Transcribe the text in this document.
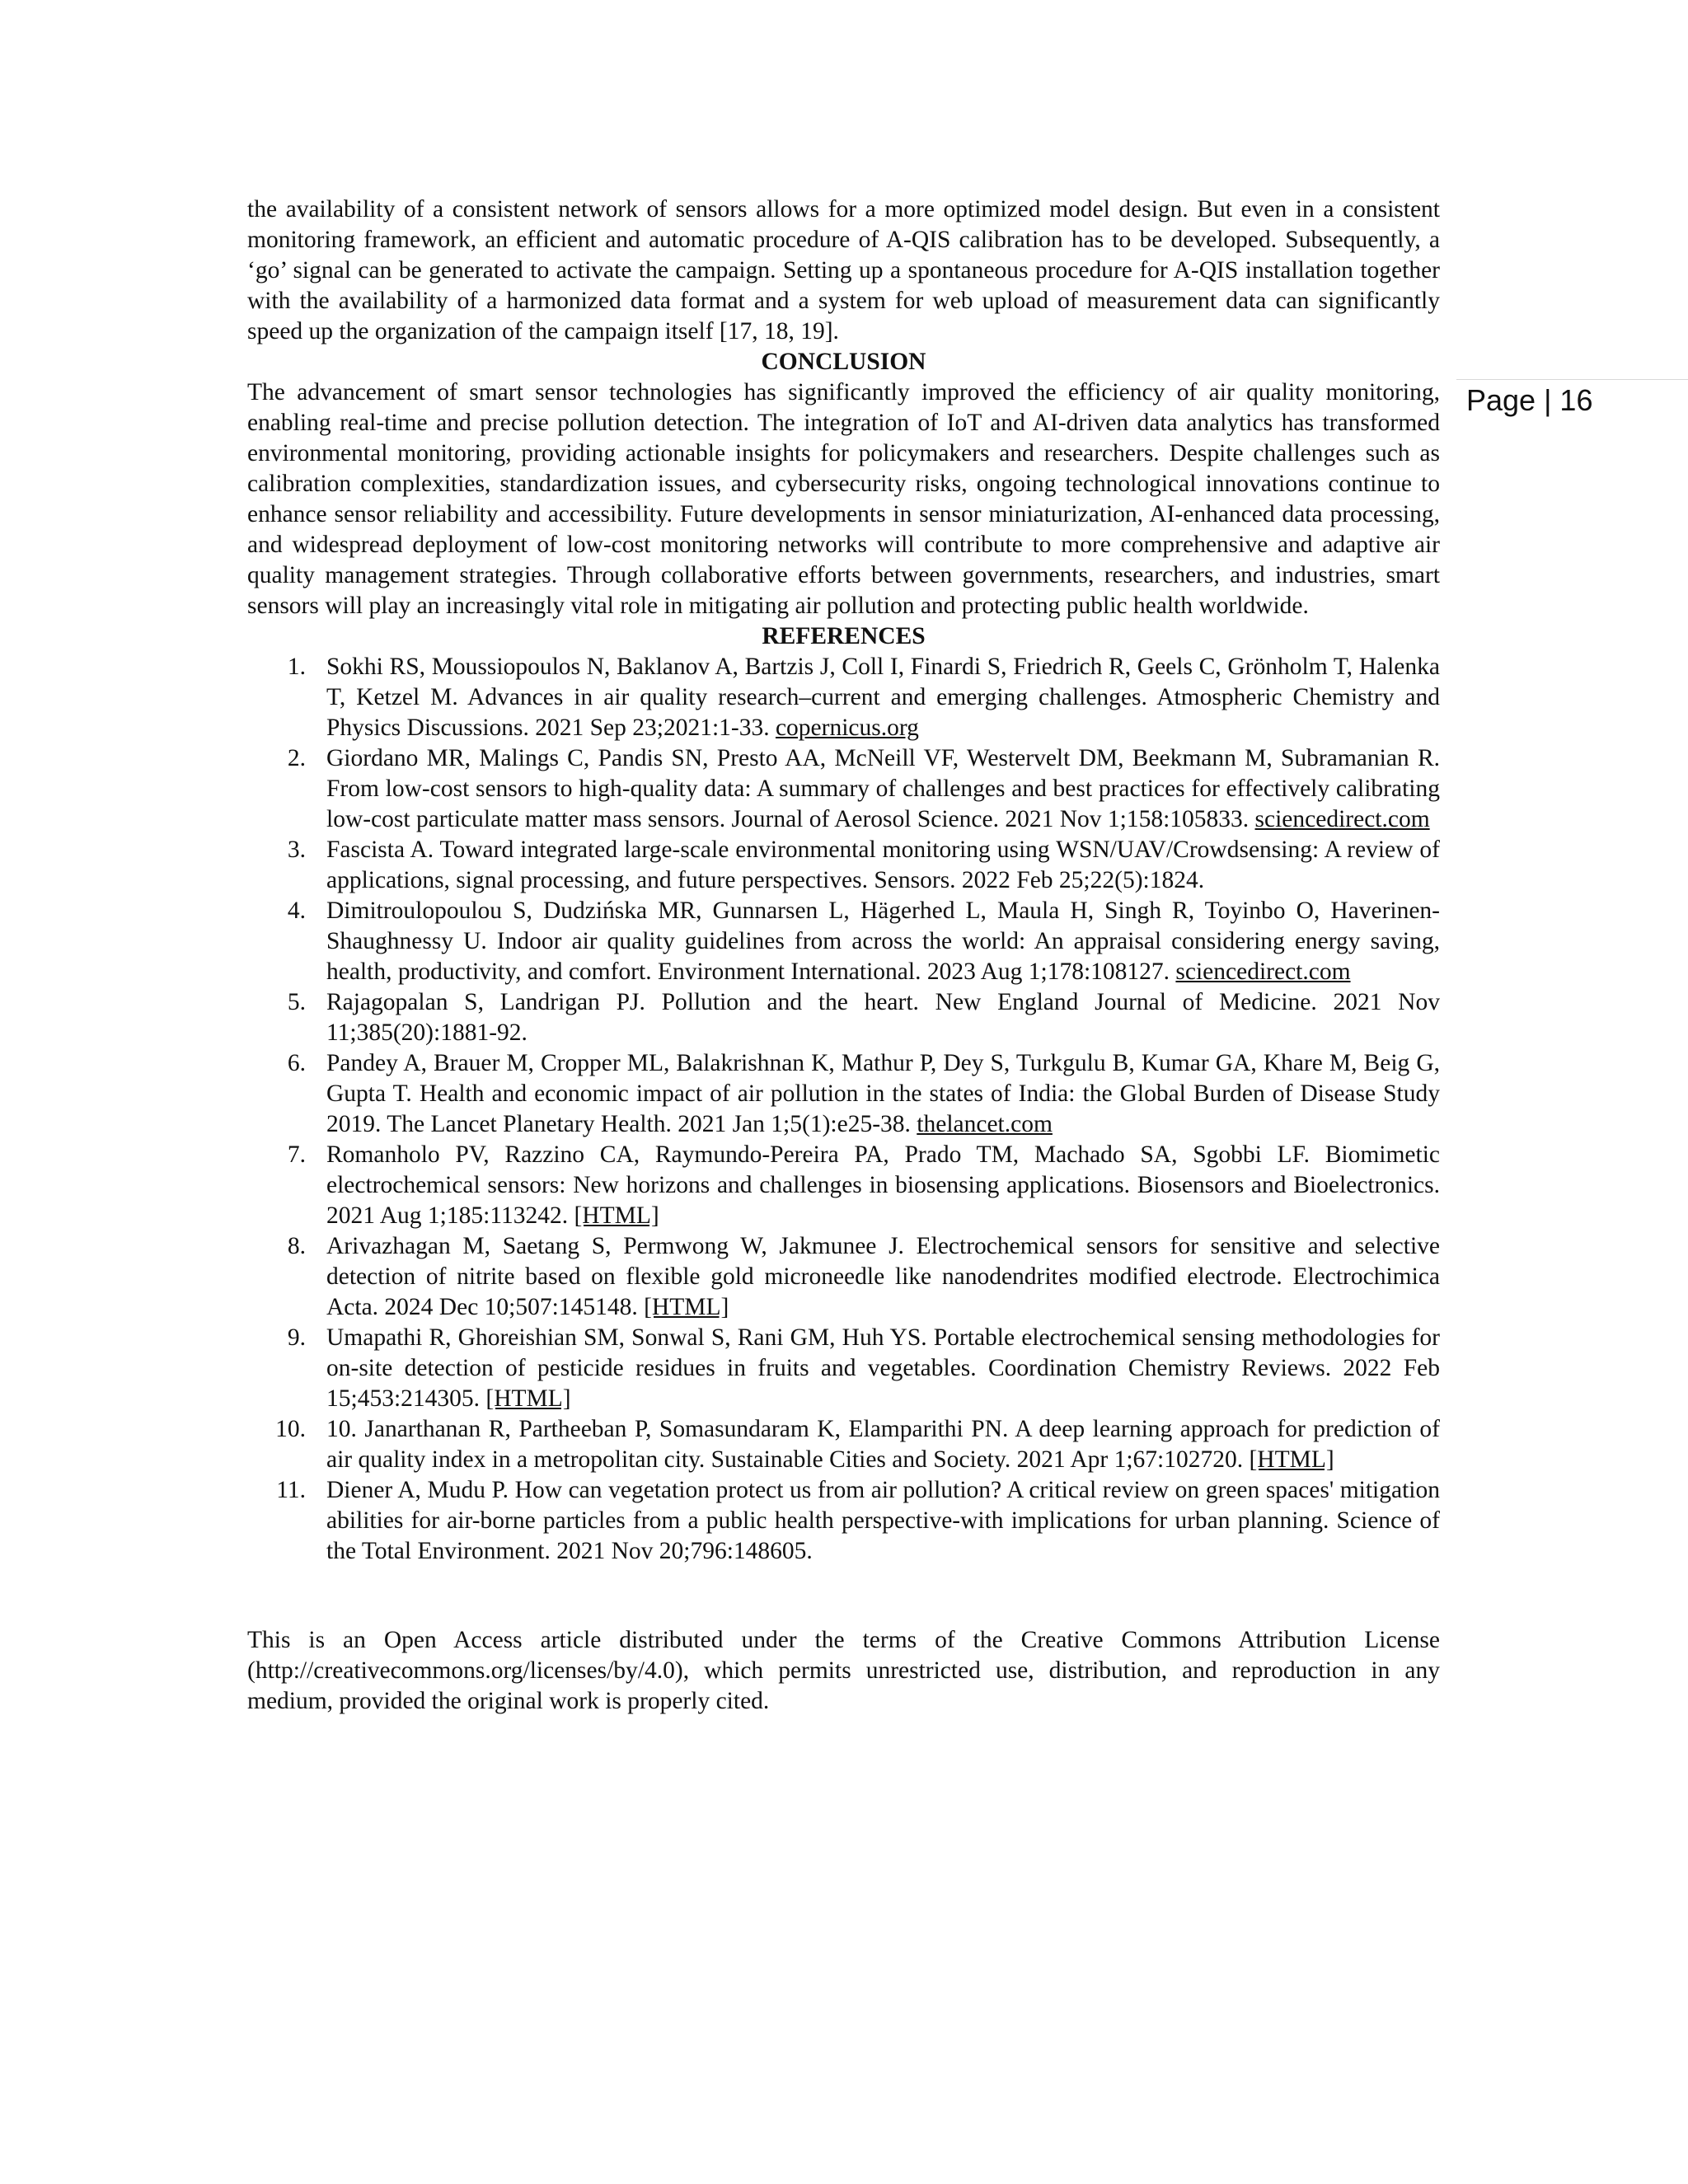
Page | 16

the availability of a consistent network of sensors allows for a more optimized model design. But even in a consistent monitoring framework, an efficient and automatic procedure of A-QIS calibration has to be developed. Subsequently, a ‘go’ signal can be generated to activate the campaign. Setting up a spontaneous procedure for A-QIS installation together with the availability of a harmonized data format and a system for web upload of measurement data can significantly speed up the organization of the campaign itself [17, 18, 19].

CONCLUSION

The advancement of smart sensor technologies has significantly improved the efficiency of air quality monitoring, enabling real-time and precise pollution detection. The integration of IoT and AI-driven data analytics has transformed environmental monitoring, providing actionable insights for policymakers and researchers. Despite challenges such as calibration complexities, standardization issues, and cybersecurity risks, ongoing technological innovations continue to enhance sensor reliability and accessibility. Future developments in sensor miniaturization, AI-enhanced data processing, and widespread deployment of low-cost monitoring networks will contribute to more comprehensive and adaptive air quality management strategies. Through collaborative efforts between governments, researchers, and industries, smart sensors will play an increasingly vital role in mitigating air pollution and protecting public health worldwide.

REFERENCES

1. Sokhi RS, Moussiopoulos N, Baklanov A, Bartzis J, Coll I, Finardi S, Friedrich R, Geels C, Grönholm T, Halenka T, Ketzel M. Advances in air quality research–current and emerging challenges. Atmospheric Chemistry and Physics Discussions. 2021 Sep 23;2021:1-33. copernicus.org
2. Giordano MR, Malings C, Pandis SN, Presto AA, McNeill VF, Westervelt DM, Beekmann M, Subramanian R. From low-cost sensors to high-quality data: A summary of challenges and best practices for effectively calibrating low-cost particulate matter mass sensors. Journal of Aerosol Science. 2021 Nov 1;158:105833. sciencedirect.com
3. Fascista A. Toward integrated large-scale environmental monitoring using WSN/UAV/Crowdsensing: A review of applications, signal processing, and future perspectives. Sensors. 2022 Feb 25;22(5):1824.
4. Dimitroulopoulou S, Dudzińska MR, Gunnarsen L, Hägerhed L, Maula H, Singh R, Toyinbo O, Haverinen-Shaughnessy U. Indoor air quality guidelines from across the world: An appraisal considering energy saving, health, productivity, and comfort. Environment International. 2023 Aug 1;178:108127. sciencedirect.com
5. Rajagopalan S, Landrigan PJ. Pollution and the heart. New England Journal of Medicine. 2021 Nov 11;385(20):1881-92.
6. Pandey A, Brauer M, Cropper ML, Balakrishnan K, Mathur P, Dey S, Turkgulu B, Kumar GA, Khare M, Beig G, Gupta T. Health and economic impact of air pollution in the states of India: the Global Burden of Disease Study 2019. The Lancet Planetary Health. 2021 Jan 1;5(1):e25-38. thelancet.com
7. Romanholo PV, Razzino CA, Raymundo-Pereira PA, Prado TM, Machado SA, Sgobbi LF. Biomimetic electrochemical sensors: New horizons and challenges in biosensing applications. Biosensors and Bioelectronics. 2021 Aug 1;185:113242. [HTML]
8. Arivazhagan M, Saetang S, Permwong W, Jakmunee J. Electrochemical sensors for sensitive and selective detection of nitrite based on flexible gold microneedle like nanodendrites modified electrode. Electrochimica Acta. 2024 Dec 10;507:145148. [HTML]
9. Umapathi R, Ghoreishian SM, Sonwal S, Rani GM, Huh YS. Portable electrochemical sensing methodologies for on-site detection of pesticide residues in fruits and vegetables. Coordination Chemistry Reviews. 2022 Feb 15;453:214305. [HTML]
10. 10. Janarthanan R, Partheeban P, Somasundaram K, Elamparithi PN. A deep learning approach for prediction of air quality index in a metropolitan city. Sustainable Cities and Society. 2021 Apr 1;67:102720. [HTML]
11. Diener A, Mudu P. How can vegetation protect us from air pollution? A critical review on green spaces' mitigation abilities for air-borne particles from a public health perspective-with implications for urban planning. Science of the Total Environment. 2021 Nov 20;796:148605.

This is an Open Access article distributed under the terms of the Creative Commons Attribution License (http://creativecommons.org/licenses/by/4.0), which permits unrestricted use, distribution, and reproduction in any medium, provided the original work is properly cited.
